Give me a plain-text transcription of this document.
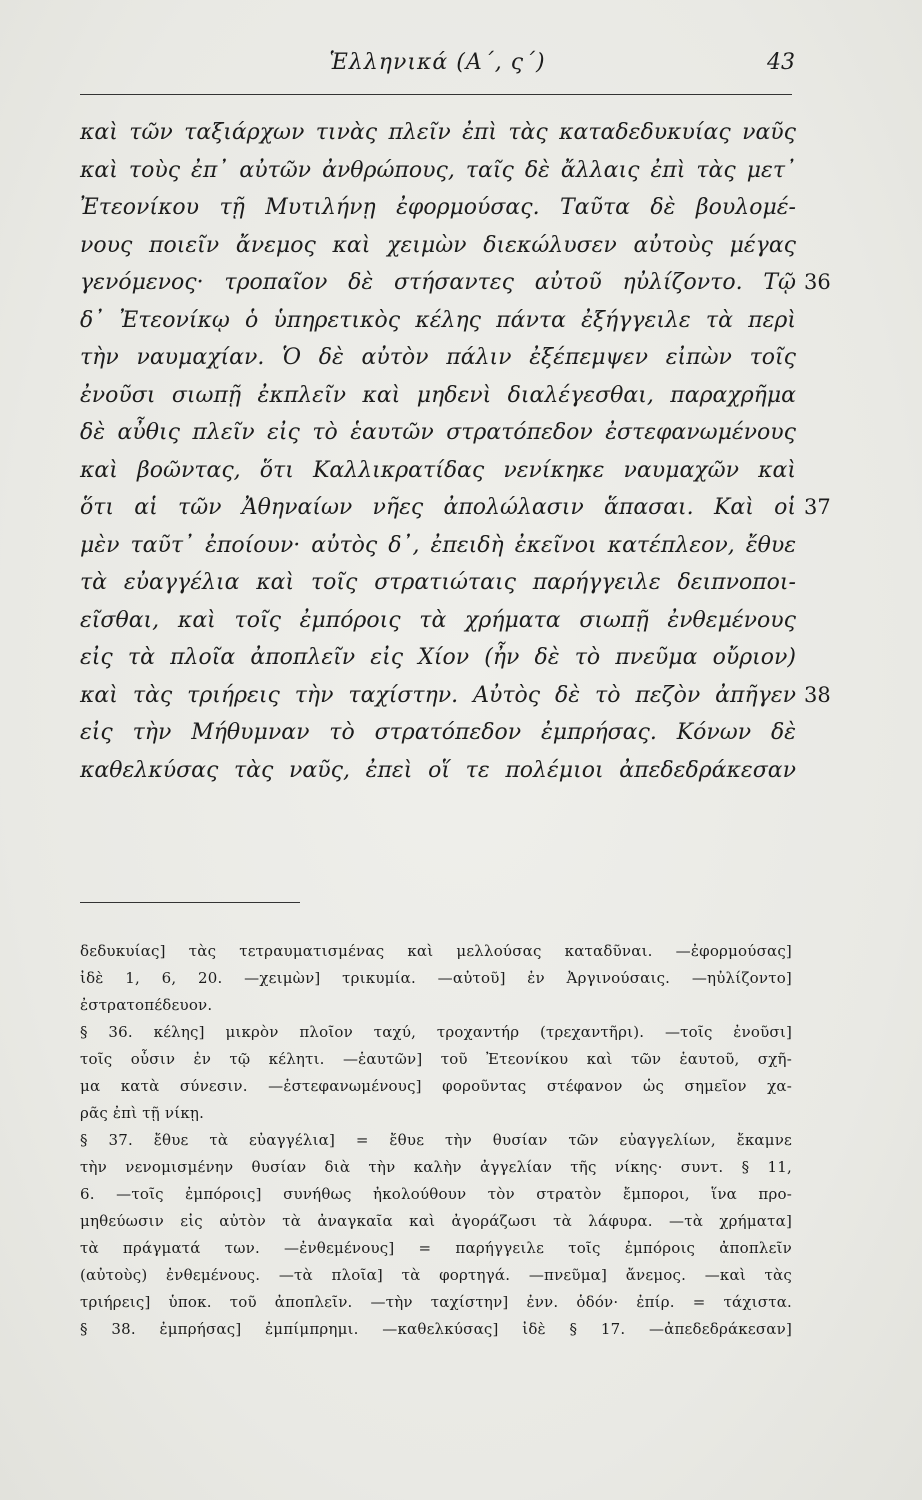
Ἑλληνικά (Α΄, ς΄)	43
καὶ τῶν ταξιάρχων τινὰς πλεῖν ἐπὶ τὰς καταδεδυκυίας ναῦς
καὶ τοὺς ἐπ᾽ αὐτῶν ἀνθρώπους, ταῖς δὲ ἄλλαις ἐπὶ τὰς μετ᾽
Ἐτεονίκου τῇ Μυτιλήνῃ ἐφορμούσας. Ταῦτα δὲ βουλομέ-
νους ποιεῖν ἄνεμος καὶ χειμὼν διεκώλυσεν αὐτοὺς μέγας
γενόμενος· τροπαῖον δὲ στήσαντες αὐτοῦ ηὐλίζοντο. Τῷ 36
δ᾽ Ἐτεονίκῳ ὁ ὑπηρετικὸς κέλης πάντα ἐξήγγειλε τὰ περὶ
τὴν ναυμαχίαν. Ὁ δὲ αὐτὸν πάλιν ἐξέπεμψεν εἰπὼν τοῖς
ἐνοῦσι σιωπῇ ἐκπλεῖν καὶ μηδενὶ διαλέγεσθαι, παραχρῆμα
δὲ αὖθις πλεῖν εἰς τὸ ἑαυτῶν στρατόπεδον ἐστεφανωμένους
καὶ βοῶντας, ὅτι Καλλικρατίδας νενίκηκε ναυμαχῶν καὶ
ὅτι αἱ τῶν Ἀθηναίων νῆες ἀπολώλασιν ἅπασαι. Καὶ οἱ 37
μὲν ταῦτ᾽ ἐποίουν· αὐτὸς δ᾽, ἐπειδὴ ἐκεῖνοι κατέπλεον, ἔθυε
τὰ εὐαγγέλια καὶ τοῖς στρατιώταις παρήγγειλε δειπνοποι-
εῖσθαι, καὶ τοῖς ἐμπόροις τὰ χρήματα σιωπῇ ἐνθεμένους
εἰς τὰ πλοῖα ἀποπλεῖν εἰς Χίον (ἦν δὲ τὸ πνεῦμα οὔριον)
καὶ τὰς τριήρεις τὴν ταχίστην. Αὐτὸς δὲ τὸ πεζὸν ἀπῆγεν 38
εἰς τὴν Μήθυμναν τὸ στρατόπεδον ἐμπρήσας. Κόνων δὲ
καθελκύσας τὰς ναῦς, ἐπεὶ οἵ τε πολέμιοι ἀπεδεδράκεσαν
δεδυκυίας] τὰς τετραυματισμένας καὶ μελλούσας καταδῦναι. —ἐφορμούσας]
ἰδὲ 1, 6, 20. —χειμὼν] τρικυμία. —αὐτοῦ] ἐν Ἀργινούσαις. —ηὐλίζοντο]
ἐστρατοπέδευον.
§ 36. κέλης] μικρὸν πλοῖον ταχύ, τροχαντήρ (τρεχαντῆρι). —τοῖς ἐνοῦσι]
τοῖς οὖσιν ἐν τῷ κέλητι. —ἑαυτῶν] τοῦ Ἐτεονίκου καὶ τῶν ἑαυτοῦ, σχῆ-
μα κατὰ σύνεσιν. —ἐστεφανωμένους] φοροῦντας στέφανον ὡς σημεῖον χα-
ρᾶς ἐπὶ τῇ νίκῃ.
§ 37. ἔθυε τὰ εὐαγγέλια] = ἔθυε τὴν θυσίαν τῶν εὐαγγελίων, ἔκαμνε
τὴν νενομισμένην θυσίαν διὰ τὴν καλὴν ἀγγελίαν τῆς νίκης· συντ. § 11,
6. —τοῖς ἐμπόροις] συνήθως ἠκολούθουν τὸν στρατὸν ἔμποροι, ἵνα προ-
μηθεύωσιν εἰς αὐτὸν τὰ ἀναγκαῖα καὶ ἀγοράζωσι τὰ λάφυρα. —τὰ χρήματα]
τὰ πράγματά των. —ἐνθεμένους] = παρήγγειλε τοῖς ἐμπόροις ἀποπλεῖν
(αὐτοὺς) ἐνθεμένους. —τὰ πλοῖα] τὰ φορτηγά. —πνεῦμα] ἄνεμος. —καὶ τὰς
τριήρεις] ὑποκ. τοῦ ἀποπλεῖν. —τὴν ταχίστην] ἐνν. ὁδόν· ἐπίρ. = τάχιστα.
§ 38. ἐμπρήσας] ἐμπίμπρημι. —καθελκύσας] ἰδὲ § 17. —ἀπεδεδράκεσαν]
